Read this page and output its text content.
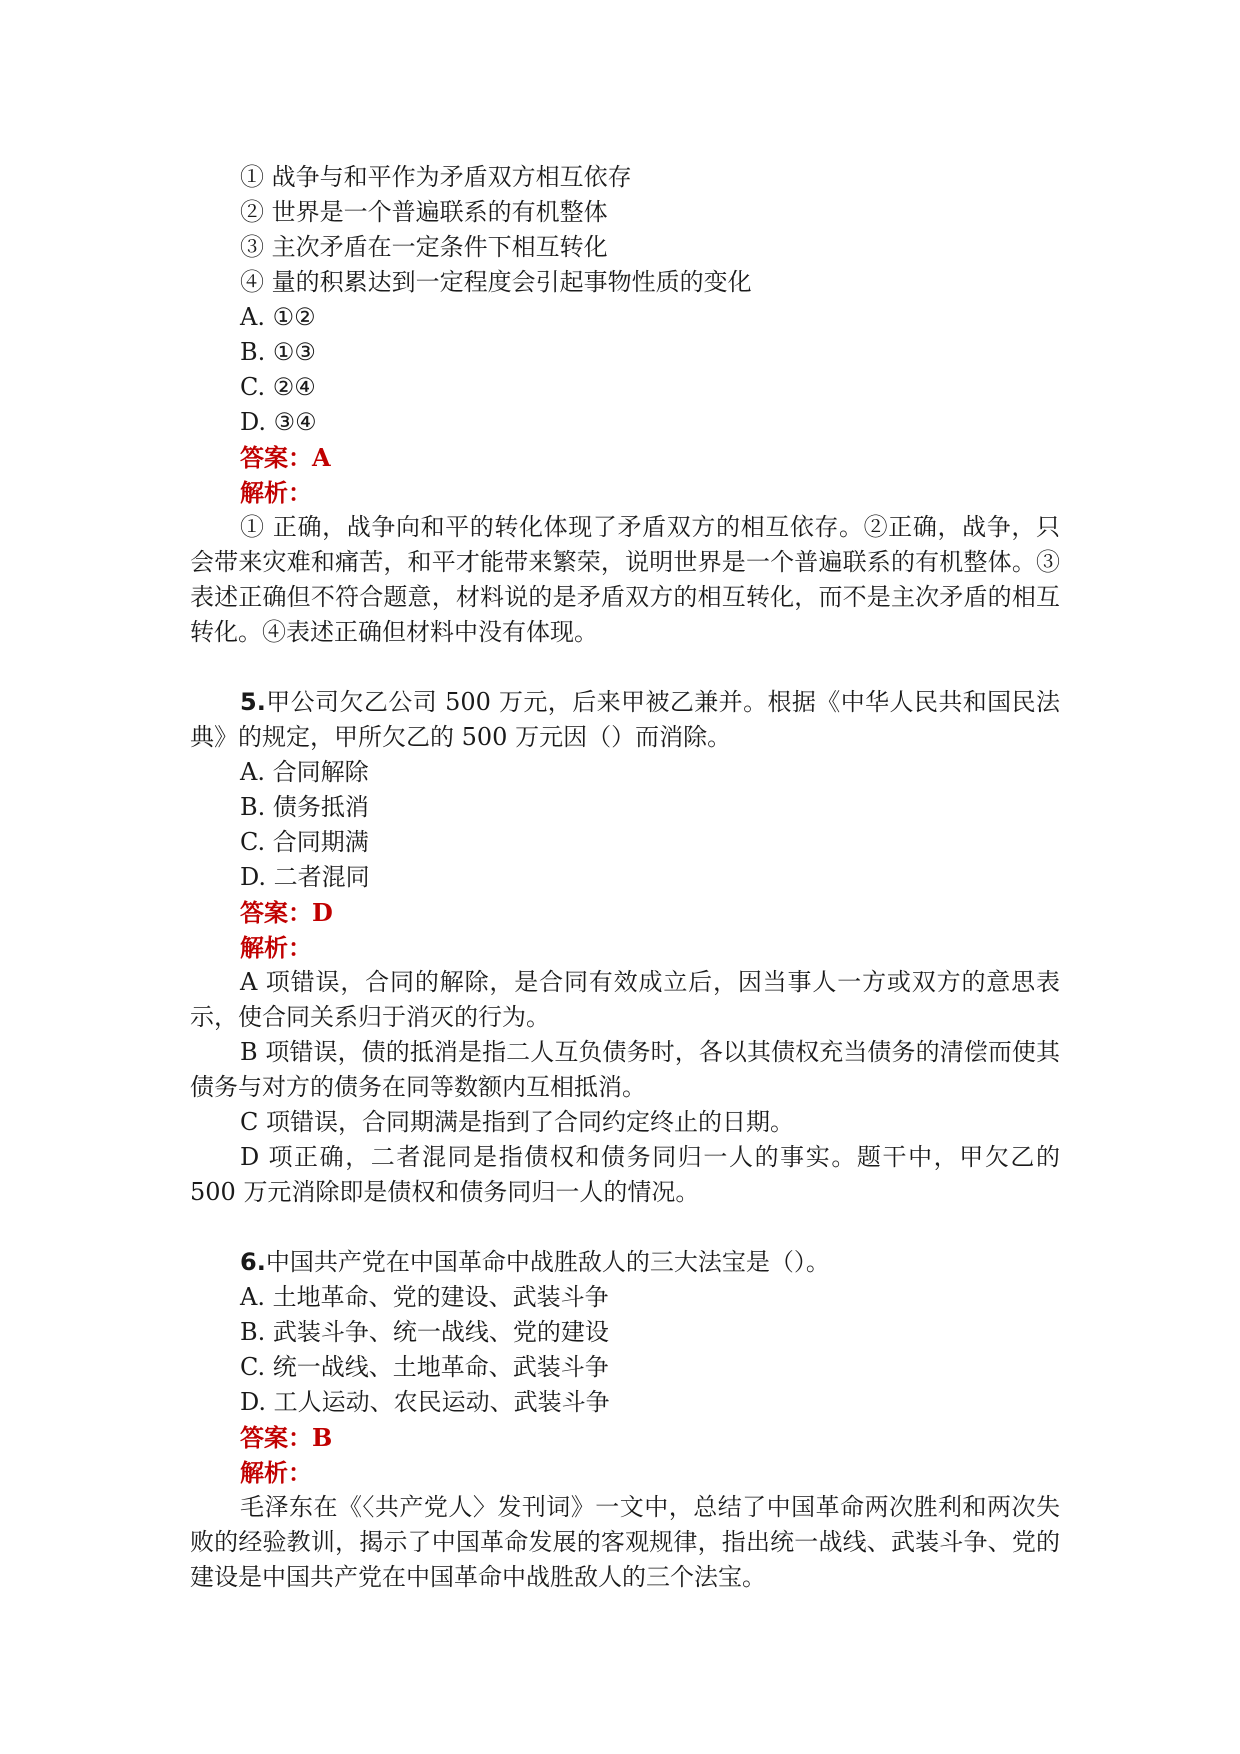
① 战争与和平作为矛盾双方相互依存
② 世界是一个普遍联系的有机整体
③ 主次矛盾在一定条件下相互转化
④ 量的积累达到一定程度会引起事物性质的变化
A. ①②
B. ①③
C. ②④
D. ③④
答案：A
解析：
① 正确，战争向和平的转化体现了矛盾双方的相互依存。②正确，战争，只会带来灾难和痛苦，和平才能带来繁荣，说明世界是一个普遍联系的有机整体。③表述正确但不符合题意，材料说的是矛盾双方的相互转化，而不是主次矛盾的相互转化。④表述正确但材料中没有体现。
5.甲公司欠乙公司 500 万元，后来甲被乙兼并。根据《中华人民共和国民法典》的规定，甲所欠乙的 500 万元因（）而消除。
A. 合同解除
B. 债务抵消
C. 合同期满
D. 二者混同
答案：D
解析：
A 项错误，合同的解除，是合同有效成立后，因当事人一方或双方的意思表示，使合同关系归于消灭的行为。
B 项错误，债的抵消是指二人互负债务时，各以其债权充当债务的清偿而使其债务与对方的债务在同等数额内互相抵消。
C 项错误，合同期满是指到了合同约定终止的日期。
D 项正确，二者混同是指债权和债务同归一人的事实。题干中，甲欠乙的 500 万元消除即是债权和债务同归一人的情况。
6.中国共产党在中国革命中战胜敌人的三大法宝是（）。
A. 土地革命、党的建设、武装斗争
B. 武装斗争、统一战线、党的建设
C. 统一战线、土地革命、武装斗争
D. 工人运动、农民运动、武装斗争
答案：B
解析：
毛泽东在《〈共产党人〉发刊词》一文中，总结了中国革命两次胜利和两次失败的经验教训，揭示了中国革命发展的客观规律，指出统一战线、武装斗争、党的建设是中国共产党在中国革命中战胜敌人的三个法宝。
